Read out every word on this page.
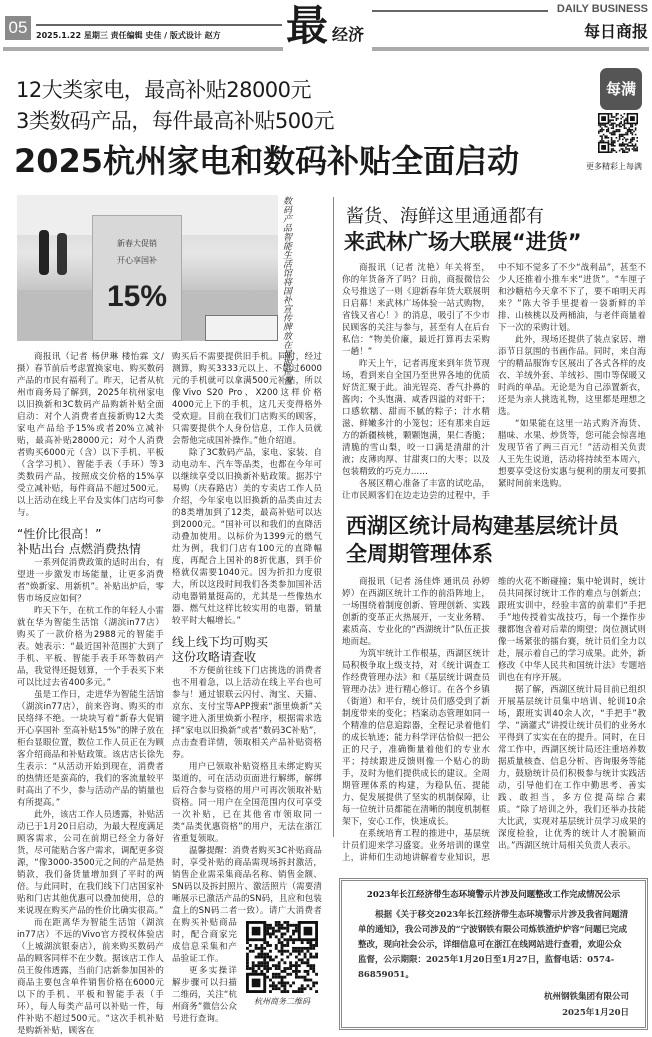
05	2025.1.22 星期三 责任编辑 史佳 / 版式设计 赵方 最 经济
DAILY BUSINESS
每日商报
每满
更多精彩上每满
12大类家电，最高补贴28000元
3类数码产品，每件最高补贴500元
2025杭州家电和数码补贴全面启动
新春大促销
开心享国补
15%	数码产品智能生活馆将国补宣传牌放在显眼位置

商报讯（记者 杨伊琳 楼怡霖 文/摄）春节前后考虑置换家电、购买数码产品的市民有福利了。昨天，记者从杭州市商务局了解到，2025年杭州家电以旧换新和3C数码产品购新补贴全面启动：对个人消费者直接新购12大类家电产品给予15%或者20%立减补贴，最高补贴28000元；对个人消费者购买6000元（含）以下手机、平板（含学习机）、智能手表（手环）等3类数码产品，按照成交价格的15%享受立减补贴，每件商品不超过500元。以上活动在线上平台及实体门店均可参与。

“性价比很高！”
补贴出台 点燃消费热情

一系列促消费政策的适时出台，有望进一步激发市场能量，让更多消费者“焕新家、用新机”。补贴出炉后，零售市场反应如何？

昨天下午，在杭工作的年轻人小雷就在华为智能生活馆（湖滨in77店）购买了一款价格为2988元的智能手表。她表示：“最近国补范围扩大到了手机、平板、智能手表手环等数码产品，我觉得还挺划算，一个手表买下来可以比过去省400多元。”

虽是工作日，走进华为智能生活馆（湖滨in77店），前来咨询、购买的市民络绎不绝。一块块写着“新春大促销 开心享国补 至高补贴15%”的牌子放在柜台显眼位置，数位工作人员正在为顾客介绍商品和补贴政策。该店店长徐先生表示：“从活动开始到现在，消费者的热情还是蛮高的，我们的客流量较平时高出了不少，参与活动产品的销量也有所提高。”

此外，该店工作人员透露，补贴活动已于1月20日启动，为最大程度满足顾客需求，公司在前期已经全力备好货，尽可能贴合客户需求，调配更多资源，“像3000-3500元之间的产品是热销款，我们备货量增加到了平时的两倍。与此同时，在我们线下门店国家补贴和门店其他优惠可以叠加使用，总的来说现在购买产品的性价比确实很高。”

而在距离华为智能生活馆（湖滨in77店）不远的Vivo官方授权体验店（上城湖滨银泰店），前来购买数码产品的顾客同样不在少数。据该店工作人员王俊伟透露，当前门店新参加国补的商品主要包含单件销售价格在6000元以下的手机、平板和智能手表（手环），每人每类产品可以补贴一件，每件补贴不超过500元。“这次手机补贴是购新补贴，顾客在

杭州商务二维码

购买后不需要提供旧手机。同时，经过测算，购买3333元以上、不超过6000元的手机就可以拿满500元补贴，所以像Vivo S20 Pro、X200这样价格4000元上下的手机，这几天变得格外受欢迎。目前在我们门店购买的顾客，只需要提供个人身份信息，工作人员就会帮他完成国补操作。”他介绍道。

除了3C数码产品，家电、家装、自动电动车、汽车等品类，也都在今年可以继续享受以旧换新补贴政策。据苏宁易购（庆春路店）美的专卖店工作人员介绍，今年家电以旧换新的品类由过去的8类增加到了12类，最高补贴可以达到2000元。“国补可以和我们的直降活动叠加使用。以标价为1399元的燃气灶为例，我们门店有100元的直降幅度，再配合上国补的8折优惠，到手价格就仅需要1040元。因为折扣力度很大，所以这段时间我们各类参加国补活动电器销量挺高的，尤其是一些像热水器、燃气灶这样比较实用的电器，销量较平时大幅增长。”

线上线下均可购买
这份攻略请查收

不方便前往线下门店挑选的消费者也不用着急，以上活动在线上平台也可参与！通过银联云闪付、淘宝、天猫、京东、支付宝等APP搜索“浙里焕新”关键字进入浙里焕新小程序，根据需求选择“家电以旧换新”或者“数码3C补贴”，点击查看详情，领取相关产品补贴资格券。

用户已领取补贴资格且未绑定购买渠道的，可在活动页面进行解绑，解绑后符合参与资格的用户可再次领取补贴资格。同一用户在全国范围内仅可享受一次补贴，已在其他省市领取同一类“品类优惠资格”的用户，无法在浙江省重复领取。

温馨提醒：消费者购买3C补贴商品时，享受补贴的商品需现场拆封激活，销售企业需采集商品名称、销售金额、SN码以及拆封照片、激活照片（需要清晰展示已激活产品的SN码，且应和包装盒上的SN码二者一致）。请广大消费者在购买补贴商品时，配合商家完成信息采集和产品验证工作。

更多实操详解步骤可以扫描二维码，关注“杭州商务”微信公众号进行查询。

酱货、海鲜这里通通都有
来武林广场大联展“进货”

商报讯（记者 沈艳）年关将至，你的年货备齐了吗？日前，商报微信公众号推送了一则《迎新春年货大联展明日启幕！来武林广场体验一站式购物，省钱又省心！》的消息，吸引了不少市民顾客的关注与参与，甚至有人在后台私信：“物美价廉，最近打算再去采购一趟！”

昨天上午，记者再度来到年货节现场，看到来自全国乃至世界各地的优质好货汇聚于此。油光锃亮、香气扑鼻的酱肉；个头饱满、咸香四溢的对虾干；口感软糯、甜而不腻的粽子；汁水精滋、鲜嫩多汁的小笼包；还有那来自远方的新疆核桃，颗颗饱满，果仁香脆；清脆的雪山梨，咬一口满是清甜的汁液；皮薄肉厚、甘甜爽口的大枣；以及包装精致的巧克力……

各展区精心准备了丰富的试吃品，让市民顾客们在边走边尝的过程中，手中不知不觉多了不少“战利品”，甚至不少人还推着小推车来“进货”。“车厘子和沙糖桔今天拿不下了，要不咱明天再来？”陈大爷手里提着一袋新鲜的羊排、山核桃以及两桶油，与老伴商量着下一次的采购计划。

此外，现场还提供了装点家居、增添节日氛围的书画作品。同时，来自海宁的精品服饰专区展出了各式各样的皮衣、羊绒外套、羊绒衫、围巾等保暖又时尚的单品。无论是为自己添置新衣，还是为亲人挑选礼物，这里都是理想之选。

“如果能在这里一站式购齐海货、腊味、水果、炒货等，您可能会惊喜地发现节省了两三百元！”活动相关负责人王先生说道，活动将持续至本周六，想要享受这份实惠与便利的朋友可要抓紧时间前来选购。

西湖区统计局构建基层统计员
全周期管理体系

商报讯（记者 汤佳烨 通讯员 孙婷婷）在西湖区统计工作的前沿阵地上，一场围绕着制度创新、管理创新、实践创新的变革正火热展开，一支业务精、素质高、专业化的“西湖统计”队伍正拔地而起。

为筑牢统计工作根基，西湖区统计局积极争取上级支持，对《统计调查工作经费管理办法》和《基层统计调查员管理办法》进行精心修订。在各个乡镇（街道）和平台，统计员们感受到了新制度带来的变化；档案动态管理如同一个精准的信息追踪器，全程记录着他们的成长轨迹；能力科学评估恰似一把公正的尺子，准确衡量着他们的专业水平；持续跟进反馈则像一个贴心的助手，及时为他们提供成长的建议。全周期管理体系的构建，为稳队伍、提能力、促发展提供了坚实的机制保障，让每一位统计员都能在清晰的制度机制框架下，安心工作，快速成长。

在系统培育工程的推进中，基层统计员们迎来学习盛宴。业务培训的课堂上，讲师们生动地讲解着专业知识，思维的火花不断碰撞；集中轮训时，统计员共同探讨统计工作的难点与创新点；跟班实训中，经验丰富的前辈们“手把手”地传授着实战技巧，每一个操作步骤都饱含着对后辈的期望；岗位测试则像一场紧张的擂台赛，统计员们全力以赴，展示着自己的学习成果。此外，新修改《中华人民共和国统计法》专题培训也在有序开展。

据了解，西湖区统计局目前已组织开展基层统计员集中培训、轮训10余场，跟班实训40余人次，“手把手”教学、“滴灌式”讲授让统计员们的业务水平得到了实实在在的提升。同时，在日常工作中，西湖区统计局还注重培养数据质量核查、信息分析、咨询服务等能力，鼓励统计员们积极参与统计实践活动，引导他们在工作中勤思考、善实践、敢担当，多方位提高综合素质。“除了培训之外，我们还举办技能大比武，实现对基层统计员学习成果的深度检验，让优秀的统计人才脱颖而出。”西湖区统计局相关负责人表示。

2023年长江经济带生态环境警示片涉及问题整改工作完成情况公示
根据《关于移交2023年长江经济带生态环境警示片涉及我省问题清单的通知》，我公司涉及的“宁波钢铁有限公司炼铁渣炉炉容”问题已完成整改，现向社会公示，详细信息可在浙江在线网站进行查看，欢迎公众监督，公示期限：2025年1月20日至1月27日，监督电话：0574-86859051。
杭州钢铁集团有限公司
2025年1月20日
